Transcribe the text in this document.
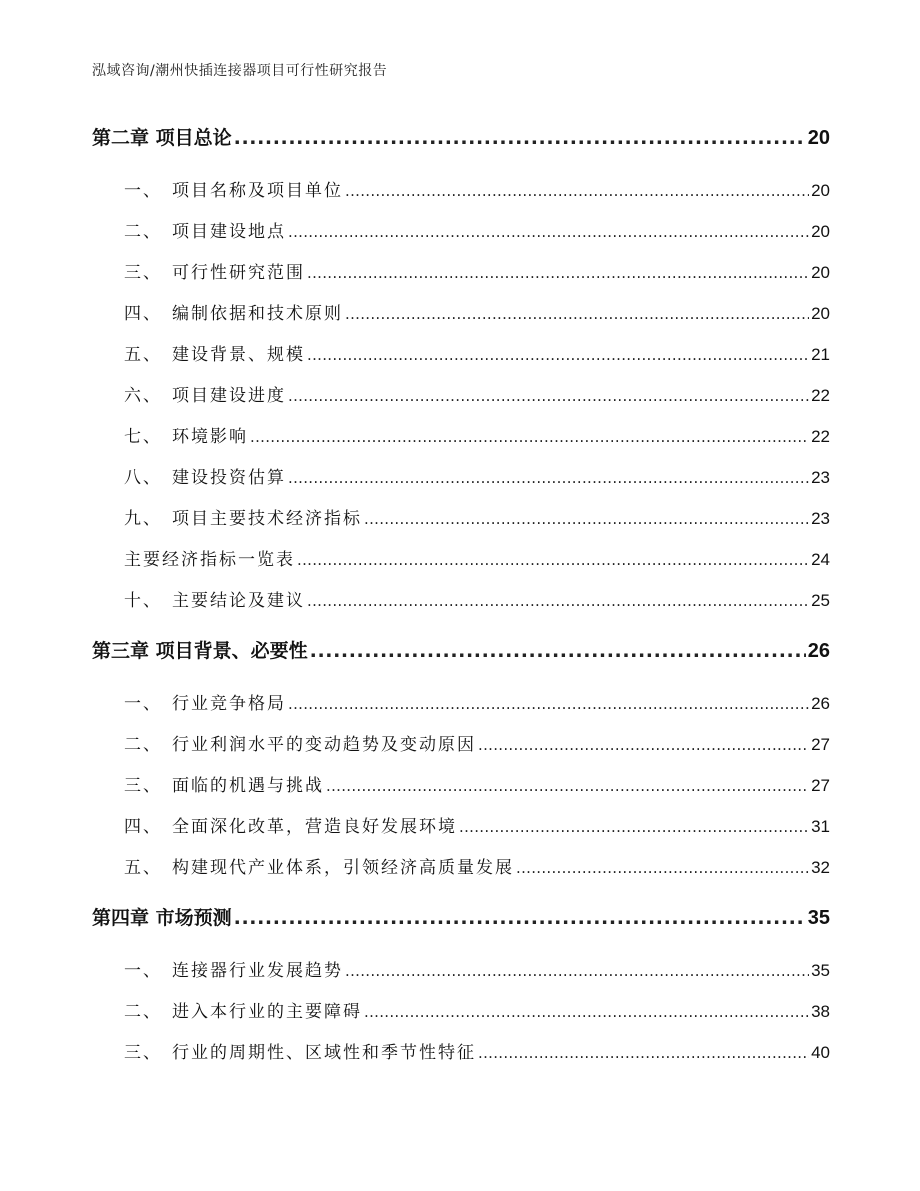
泓域咨询/潮州快插连接器项目可行性研究报告
第二章 项目总论 .....	20
一、 项目名称及项目单位 .....	20
二、 项目建设地点 .....	20
三、 可行性研究范围 .....	20
四、 编制依据和技术原则 .....	20
五、 建设背景、规模 .....	21
六、 项目建设进度 .....	22
七、 环境影响 .....	22
八、 建设投资估算 .....	23
九、 项目主要技术经济指标 .....	23
主要经济指标一览表 .....	24
十、 主要结论及建议 .....	25
第三章 项目背景、必要性 .....	26
一、 行业竞争格局 .....	26
二、 行业利润水平的变动趋势及变动原因 .....	27
三、 面临的机遇与挑战 .....	27
四、 全面深化改革，营造良好发展环境 .....	31
五、 构建现代产业体系，引领经济高质量发展 .....	32
第四章 市场预测 .....	35
一、 连接器行业发展趋势 .....	35
二、 进入本行业的主要障碍 .....	38
三、 行业的周期性、区域性和季节性特征 .....	40
